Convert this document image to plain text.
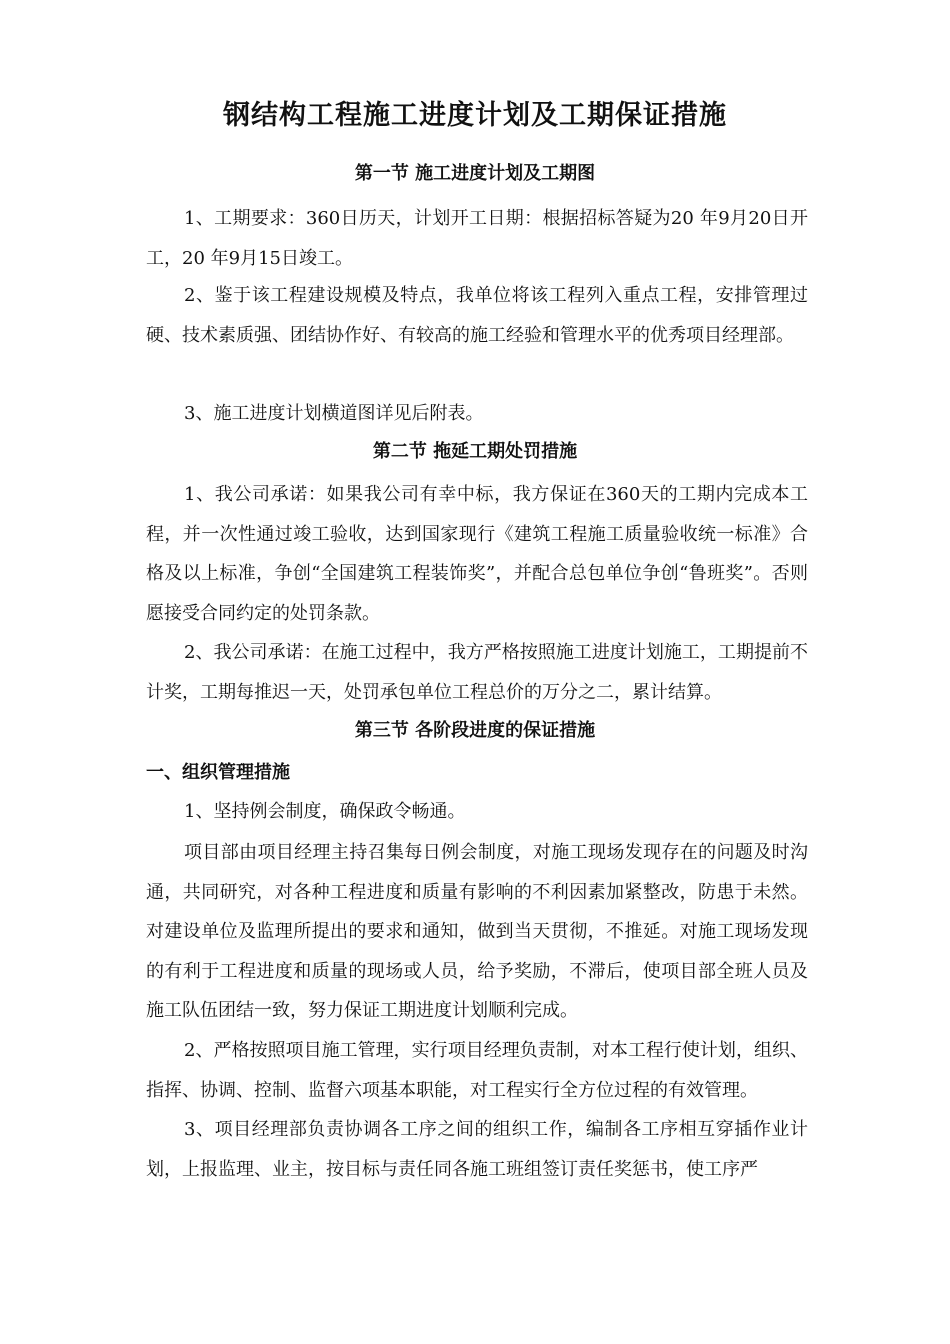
钢结构工程施工进度计划及工期保证措施
第一节 施工进度计划及工期图

1、工期要求：360日历天，计划开工日期：根据招标答疑为20 年9月20日开工，20 年9月15日竣工。

2、鉴于该工程建设规模及特点，我单位将该工程列入重点工程，安排管理过硬、技术素质强、团结协作好、有较高的施工经验和管理水平的优秀项目经理部。

3、施工进度计划横道图详见后附表。

第二节 拖延工期处罚措施

1、我公司承诺：如果我公司有幸中标，我方保证在360天的工期内完成本工程，并一次性通过竣工验收，达到国家现行《建筑工程施工质量验收统一标准》合格及以上标准，争创“全国建筑工程装饰奖”，并配合总包单位争创“鲁班奖”。否则愿接受合同约定的处罚条款。

2、我公司承诺：在施工过程中，我方严格按照施工进度计划施工，工期提前不计奖，工期每推迟一天，处罚承包单位工程总价的万分之二，累计结算。

第三节 各阶段进度的保证措施
一、组织管理措施

1、坚持例会制度，确保政令畅通。

项目部由项目经理主持召集每日例会制度，对施工现场发现存在的问题及时沟通，共同研究，对各种工程进度和质量有影响的不利因素加紧整改，防患于未然。对建设单位及监理所提出的要求和通知，做到当天贯彻，不推延。对施工现场发现的有利于工程进度和质量的现场或人员，给予奖励，不滞后，使项目部全班人员及施工队伍团结一致，努力保证工期进度计划顺利完成。

2、严格按照项目施工管理，实行项目经理负责制，对本工程行使计划，组织、指挥、协调、控制、监督六项基本职能，对工程实行全方位过程的有效管理。

3、项目经理部负责协调各工序之间的组织工作，编制各工序相互穿插作业计划，上报监理、业主，按目标与责任同各施工班组签订责任奖惩书，使工序严
